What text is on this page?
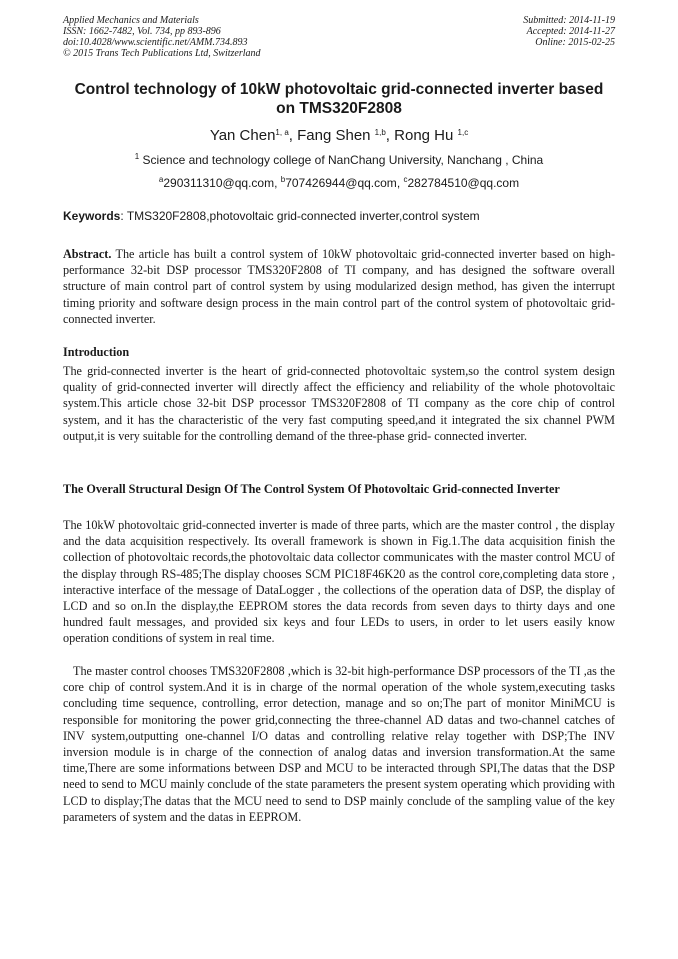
Applied Mechanics and Materials
ISSN: 1662-7482, Vol. 734, pp 893-896
doi:10.4028/www.scientific.net/AMM.734.893
© 2015 Trans Tech Publications Ltd, Switzerland
Submitted: 2014-11-19
Accepted: 2014-11-27
Online: 2015-02-25
Control technology of 10kW photovoltaic grid-connected inverter based on TMS320F2808
Yan Chen$^{1, a}$, Fang Shen $^{1,b}$, Rong Hu $^{1,c}$
$^1$ Science and technology college of NanChang University, Nanchang , China
$^a$290311310@qq.com, $^b$707426944@qq.com, $^c$282784510@qq.com
Keywords: TMS320F2808,photovoltaic grid-connected inverter,control system
Abstract. The article has built a control system of 10kW photovoltaic grid-connected inverter based on high-performance 32-bit DSP processor TMS320F2808 of TI company, and has designed the software overall structure of main control part of control system by using modularized design method, has given the interrupt timing priority and software design process in the main control part of the control system of photovoltaic grid-connected inverter.
Introduction
The grid-connected inverter is the heart of grid-connected photovoltaic system,so the control system design quality of grid-connected inverter will directly affect the efficiency and reliability of the whole photovoltaic system.This article chose 32-bit DSP processor TMS320F2808 of TI company as the core chip of control system, and it has the characteristic of the very fast computing speed,and it integrated the six channel PWM output,it is very suitable for the controlling demand of the three-phase grid- connected inverter.
The Overall Structural Design Of The Control System Of Photovoltaic Grid-connected Inverter
The 10kW photovoltaic grid-connected inverter is made of three parts, which are the master control , the display and the data acquisition respectively. Its overall framework is shown in Fig.1.The data acquisition finish the collection of photovoltaic records,the photovoltaic data collector communicates with the master control MCU of the display through RS-485;The display chooses SCM PIC18F46K20 as the control core,completing data store , interactive interface of the message of DataLogger , the collections of the operation data of DSP, the display of LCD and so on.In the display,the EEPROM stores the data records from seven days to thirty days and one hundred fault messages, and provided six keys and four LEDs to users, in order to let users easily know operation conditions of system in real time.
The master control chooses TMS320F2808 ,which is 32-bit high-performance DSP processors of the TI ,as the core chip of control system.And it is in charge of the normal operation of the whole system,executing tasks concluding time sequence, controlling, error detection, manage and so on;The part of monitor MiniMCU is responsible for monitoring the power grid,connecting the three-channel AD datas and two-channel catches of INV system,outputting one-channel I/O datas and controlling relative relay together with DSP;The INV inversion module is in charge of the connection of analog datas and inversion transformation.At the same time,There are some informations between DSP and MCU to be interacted through SPI,The datas that the DSP need to send to MCU mainly conclude of the state parameters the present system operating which providing with LCD to display;The datas that the MCU need to send to DSP mainly conclude of the sampling value of the key parameters of system and the datas in EEPROM.
